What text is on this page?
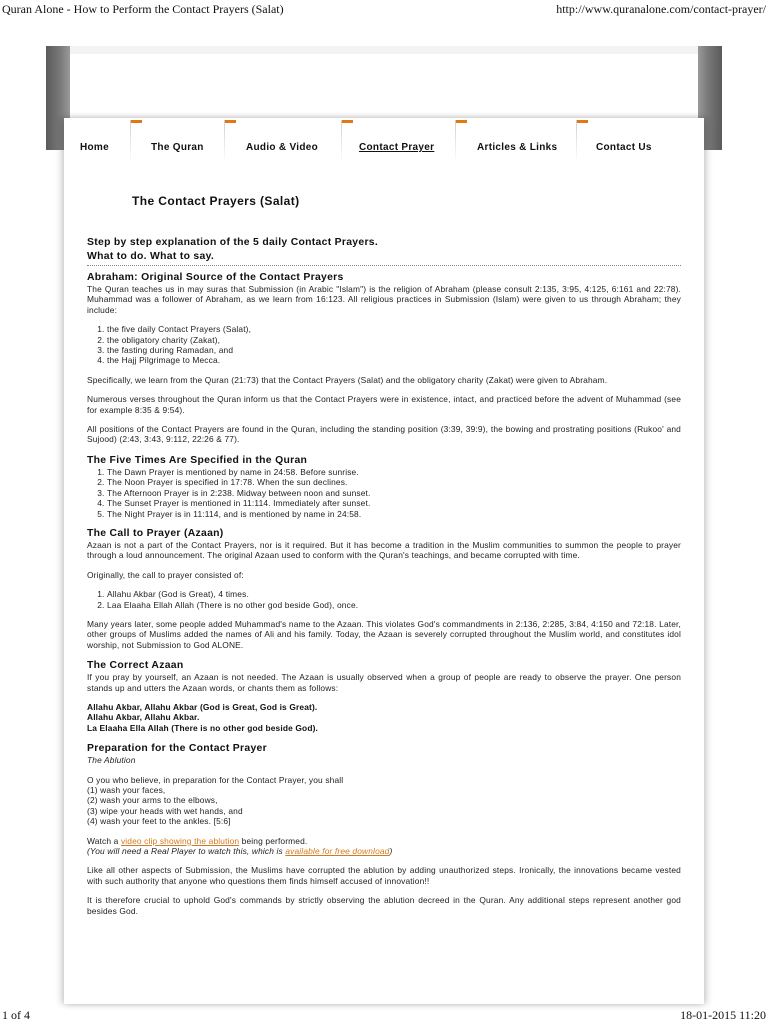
Quran Alone - How to Perform the Contact Prayers (Salat)	http://www.quranalone.com/contact-prayer/
Home	The Quran	Audio & Video	Contact Prayer	Articles & Links	Contact Us
The Contact Prayers (Salat)
Step by step explanation of the 5 daily Contact Prayers.
What to do. What to say.
Abraham: Original Source of the Contact Prayers

The Quran teaches us in may suras that Submission (in Arabic "Islam") is the religion of Abraham (please consult 2:135, 3:95, 4:125, 6:161 and 22:78). Muhammad was a follower of Abraham, as we learn from 16:123. All religious practices in Submission (Islam) were given to us through Abraham; they include:

1. the five daily Contact Prayers (Salat),
2. the obligatory charity (Zakat),
3. the fasting during Ramadan, and
4. the Hajj Pilgrimage to Mecca.

Specifically, we learn from the Quran (21:73) that the Contact Prayers (Salat) and the obligatory charity (Zakat) were given to Abraham.

Numerous verses throughout the Quran inform us that the Contact Prayers were in existence, intact, and practiced before the advent of Muhammad (see for example 8:35 & 9:54).

All positions of the Contact Prayers are found in the Quran, including the standing position (3:39, 39:9), the bowing and prostrating positions (Rukoo' and Sujood) (2:43, 3:43, 9:112, 22:26 & 77).

The Five Times Are Specified in the Quran
1. The Dawn Prayer is mentioned by name in 24:58. Before sunrise.
2. The Noon Prayer is specified in 17:78. When the sun declines.
3. The Afternoon Prayer is in 2:238. Midway between noon and sunset.
4. The Sunset Prayer is mentioned in 11:114. Immediately after sunset.
5. The Night Prayer is in 11:114, and is mentioned by name in 24:58.
The Call to Prayer (Azaan)

Azaan is not a part of the Contact Prayers, nor is it required. But it has become a tradition in the Muslim communities to summon the people to prayer through a loud announcement. The original Azaan used to conform with the Quran's teachings, and became corrupted with time.

Originally, the call to prayer consisted of:

1. Allahu Akbar (God is Great), 4 times.
2. Laa Elaaha Ellah Allah (There is no other god beside God), once.

Many years later, some people added Muhammad's name to the Azaan. This violates God's commandments in 2:136, 2:285, 3:84, 4:150 and 72:18. Later, other groups of Muslims added the names of Ali and his family. Today, the Azaan is severely corrupted throughout the Muslim world, and constitutes idol worship, not Submission to God ALONE.

The Correct Azaan

If you pray by yourself, an Azaan is not needed. The Azaan is usually observed when a group of people are ready to observe the prayer. One person stands up and utters the Azaan words, or chants them as follows:

Allahu Akbar, Allahu Akbar (God is Great, God is Great).
Allahu Akbar, Allahu Akbar.
La Elaaha Ella Allah (There is no other god beside God).
Preparation for the Contact Prayer
The Ablution
O you who believe, in preparation for the Contact Prayer, you shall
(1) wash your faces,
(2) wash your arms to the elbows,
(3) wipe your heads with wet hands, and
(4) wash your feet to the ankles. [5:6]
Watch a video clip showing the ablution being performed.
(You will need a Real Player to watch this, which is available for free download)

Like all other aspects of Submission, the Muslims have corrupted the ablution by adding unauthorized steps. Ironically, the innovations became vested with such authority that anyone who questions them finds himself accused of innovation!!

It is therefore crucial to uphold God's commands by strictly observing the ablution decreed in the Quran. Any additional steps represent another god besides God.

1 of 4	18-01-2015 11:20
